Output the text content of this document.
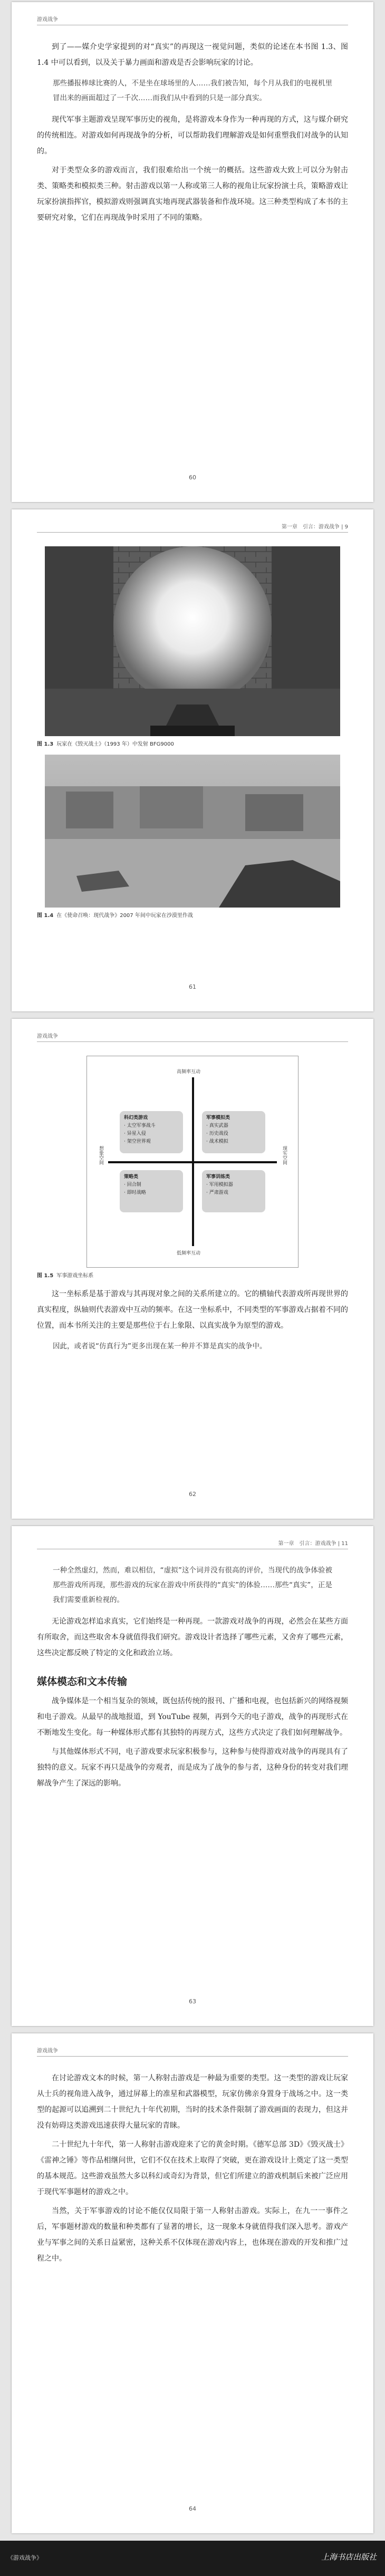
游戏战争

到了——媒介史学家提到的对“真实”的再现这一视觉问题，类似的论述在本书图 1.3、图 1.4 中可以看到，以及关于暴力画面和游戏是否会影响玩家的讨论。

那些播报棒球比赛的人，不是坐在球场里的人……我们被告知，每个月从我们的电视机里冒出来的画面超过了一千次……而我们从中看到的只是一部分真实。

现代军事主题游戏呈现军事历史的视角，是将游戏本身作为一种再现的方式，这与媒介研究的传统相连。对游戏如何再现战争的分析，可以帮助我们理解游戏是如何重塑我们对战争的认知的。

对于类型众多的游戏而言，我们很难给出一个统一的概括。这些游戏大致上可以分为射击类、策略类和模拟类三种。射击游戏以第一人称或第三人称的视角让玩家扮演士兵，策略游戏让玩家扮演指挥官，模拟游戏则强调真实地再现武器装备和作战环境。这三种类型构成了本书的主要研究对象，它们在再现战争时采用了不同的策略。

60
第一章　引言：游戏战争 | 9
图 1.3 玩家在《毁灭战士》（1993 年）中发射 BFG9000
图 1.4 在《使命召唤：现代战争》2007 年间中玩家在沙漠里作战
61
游戏战争
高频率互动
低频率互动
想象空间	现实空间
科幻类游戏
· 太空军事战斗
· 异星入侵
· 架空世界观
军事模拟类
· 真实武器
· 历史战役
· 战术模拟
策略类
· 回合制
· 即时战略
军事训练类
· 军用模拟器
· 严肃游戏
图 1.5 军事游戏坐标系

这一坐标系是基于游戏与其再现对象之间的关系所建立的。它的横轴代表游戏所再现世界的真实程度，纵轴则代表游戏中互动的频率。在这一坐标系中，不同类型的军事游戏占据着不同的位置，而本书所关注的主要是那些位于右上象限、以真实战争为原型的游戏。

因此，或者说“仿真行为”更多出现在某一种并不算是真实的战争中。
62
第一章　引言：游戏战争 | 11
一种全然虚幻，然而，难以相信，“虚拟”这个词并没有很高的评价，当现代的战争体验被那些游戏所再现，那些游戏的玩家在游戏中所获得的“真实”的体验……那些“真实”，正是我们需要重新检视的。

无论游戏怎样追求真实，它们始终是一种再现。一款游戏对战争的再现，必然会在某些方面有所取舍，而这些取舍本身就值得我们研究。游戏设计者选择了哪些元素，又舍弃了哪些元素，这些决定都反映了特定的文化和政治立场。

媒体模态和文本传输

战争媒体是一个相当复杂的领域，既包括传统的报刊、广播和电视，也包括新兴的网络视频和电子游戏。从最早的战地报道，到 YouTube 视频，再到今天的电子游戏，战争的再现形式在不断地发生变化。每一种媒体形式都有其独特的再现方式，这些方式决定了我们如何理解战争。

与其他媒体形式不同，电子游戏要求玩家积极参与，这种参与使得游戏对战争的再现具有了独特的意义。玩家不再只是战争的旁观者，而是成为了战争的参与者，这种身份的转变对我们理解战争产生了深远的影响。

63
游戏战争

在讨论游戏文本的时候，第一人称射击游戏是一种最为重要的类型。这一类型的游戏让玩家从士兵的视角进入战争，通过屏幕上的准星和武器模型，玩家仿佛亲身置身于战场之中。这一类型的起源可以追溯到二十世纪九十年代初期，当时的技术条件限制了游戏画面的表现力，但这并没有妨碍这类游戏迅速获得大量玩家的青睐。

二十世纪九十年代，第一人称射击游戏迎来了它的黄金时期。《德军总部 3D》《毁灭战士》《雷神之锤》等作品相继问世，它们不仅在技术上取得了突破，更在游戏设计上奠定了这一类型的基本规范。这些游戏虽然大多以科幻或奇幻为背景，但它们所建立的游戏机制后来被广泛应用于现代军事题材的游戏之中。

当然，关于军事游戏的讨论不能仅仅局限于第一人称射击游戏。实际上，在九一一事件之后，军事题材游戏的数量和种类都有了显著的增长，这一现象本身就值得我们深入思考。游戏产业与军事之间的关系日益紧密，这种关系不仅体现在游戏内容上，也体现在游戏的开发和推广过程之中。

64
《游戏战争》	上海书店出版社
